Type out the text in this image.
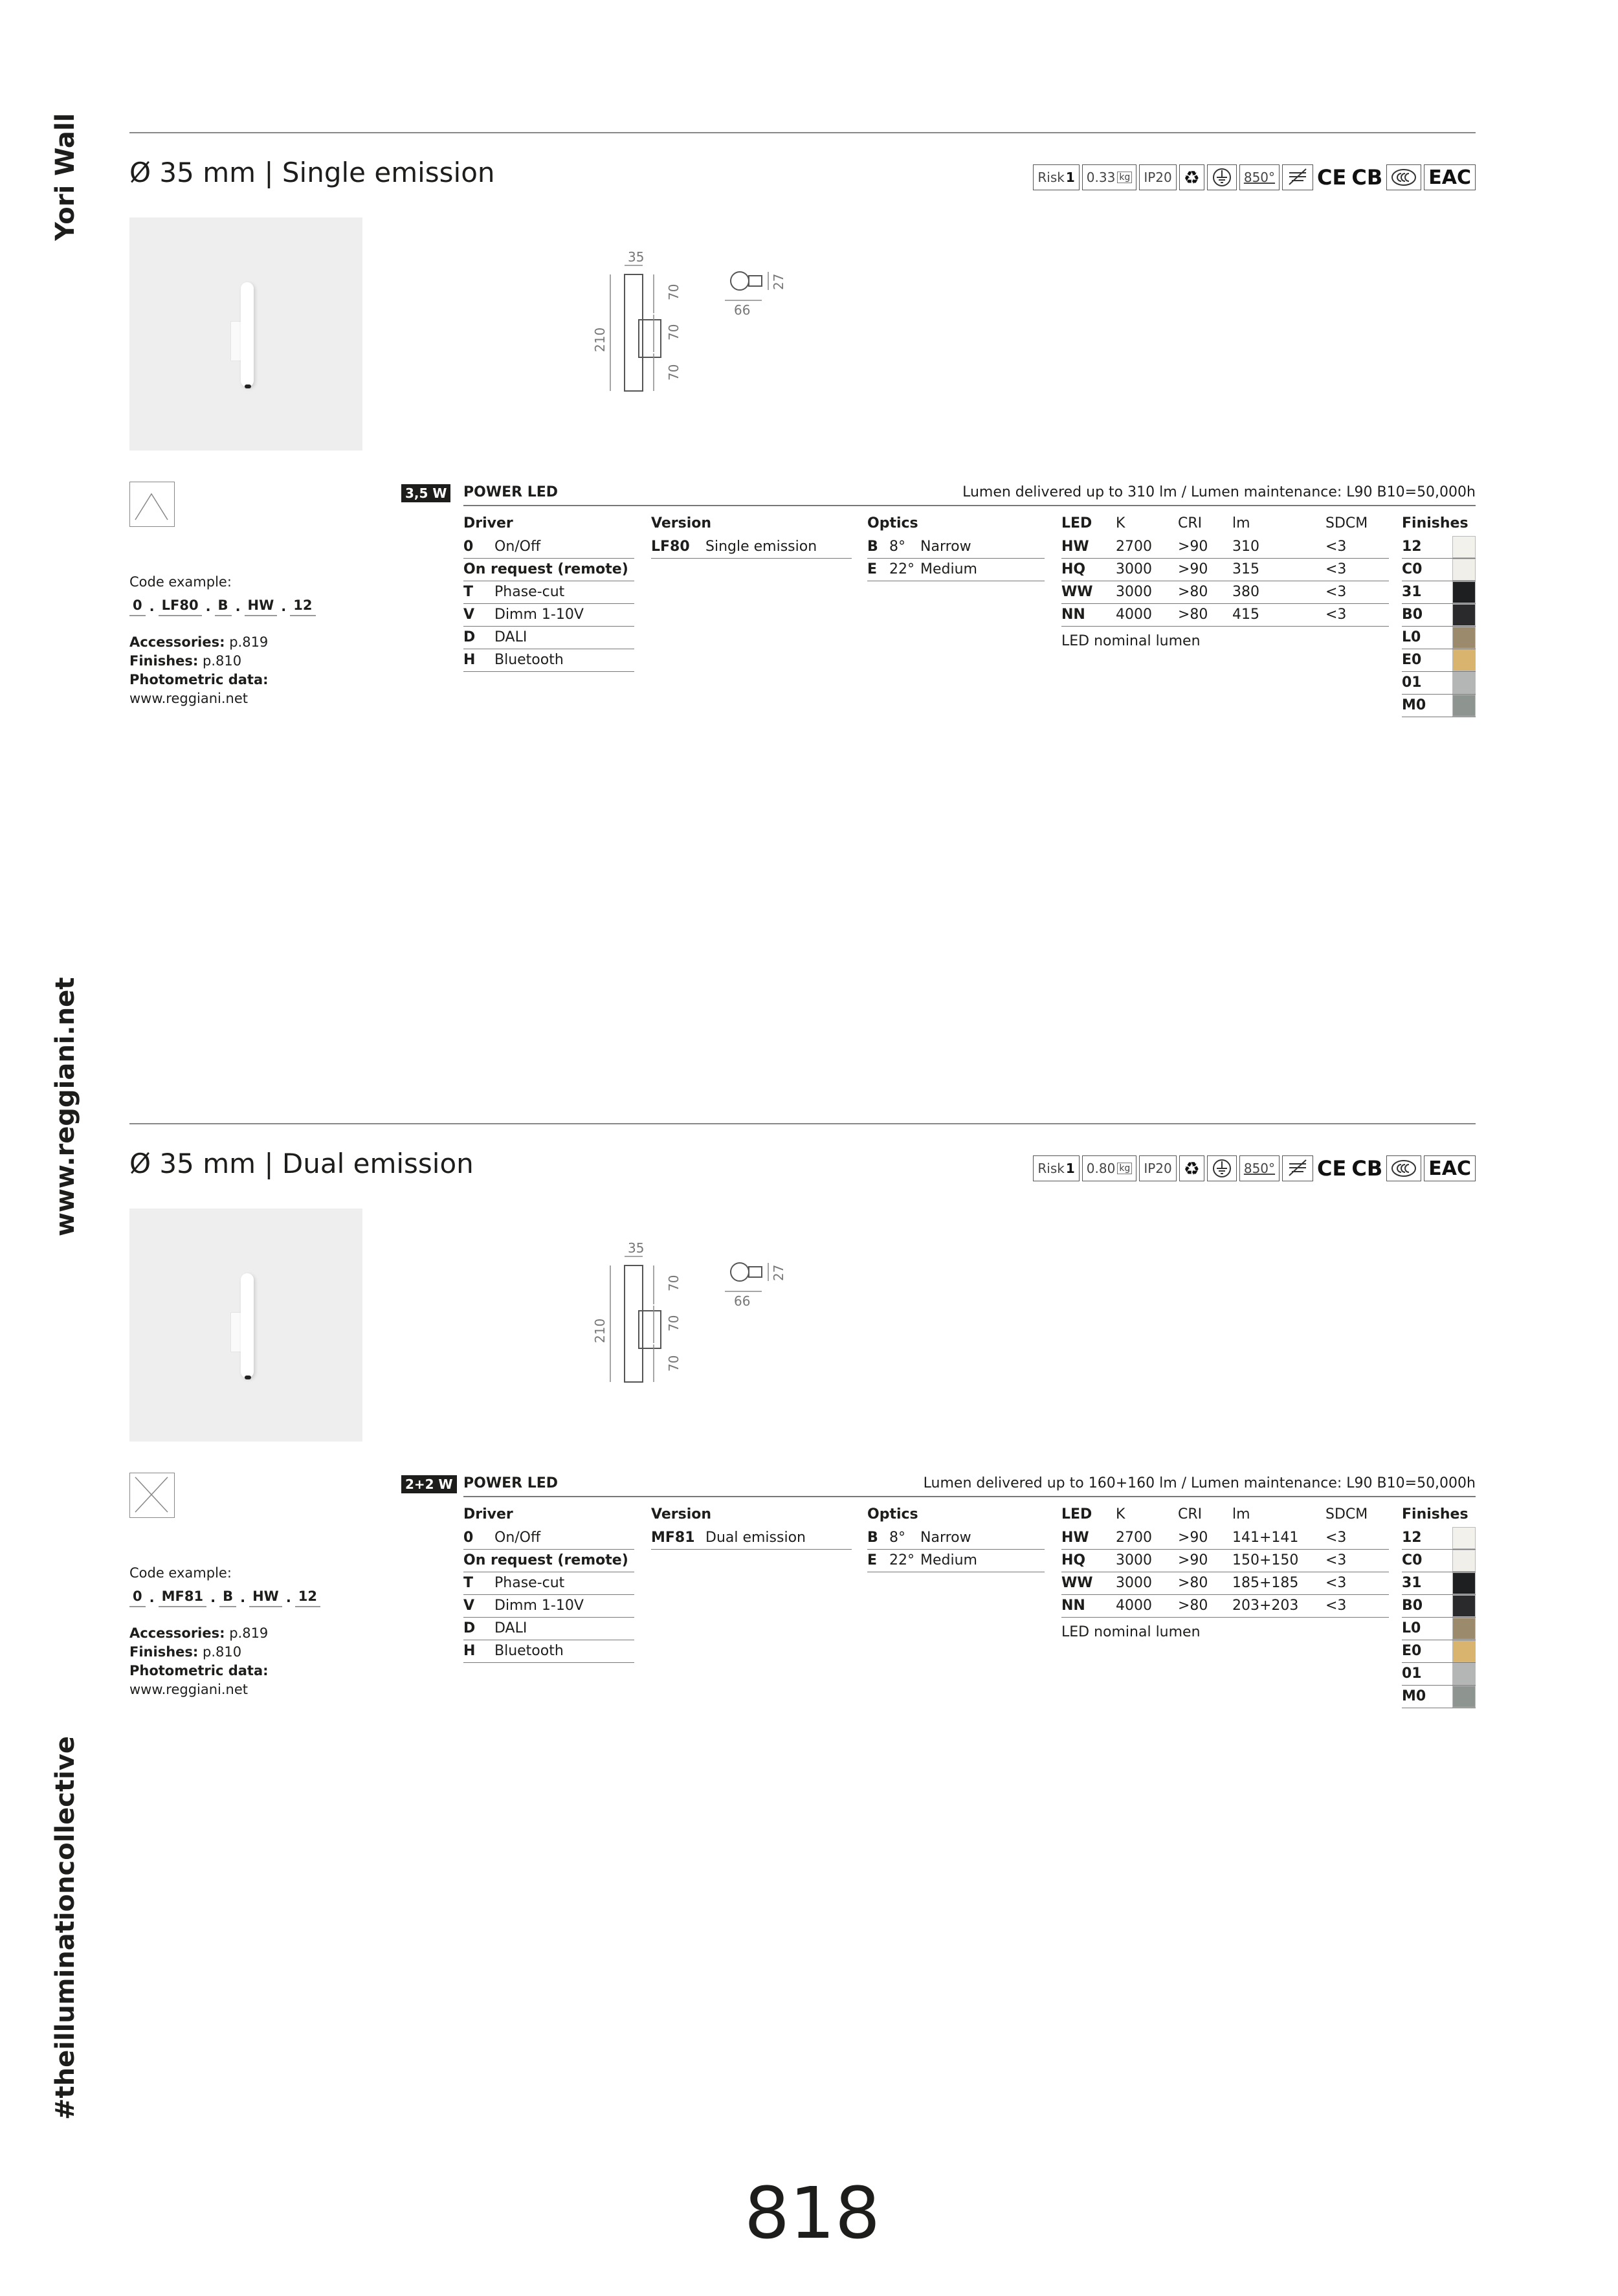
Yori Wall
www.reggiani.net
#theilluminationcollective
Ø 35 mm | Single emission	Risk 1 0.33 kg IP20 ♻	850° CE CB EAC
35
210
70
70
70
66
27
Code example:
0 . LF80 . B . HW . 12
Accessories: p.819
Finishes: p.810
Photometric data:
www.reggiani.net
3,5 W POWER LED	Lumen delivered up to 310 lm / Lumen maintenance: L90 B10=50,000h
Driver
0	On/Off
On request (remote)
T	Phase-cut
V	Dimm 1-10V
D	DALI
H	Bluetooth
Version
LF80	Single emission
Optics
B 8°	Narrow
E 22° Medium
LED	K	CRI	lm	SDCM
HW	2700	>90	310	<3
HQ	3000	>90	315	<3
WW	3000	>80	380	<3
NN	4000	>80	415	<3
LED nominal lumen
Finishes
12
C0
31
B0
L0
E0
01
M0
Ø 35 mm | Dual emission	Risk 1 0.80 kg IP20 ♻	850° CE CB EAC
35
210
70
70
70
66
27
Code example:
0 . MF81 . B . HW . 12
Accessories: p.819
Finishes: p.810
Photometric data:
www.reggiani.net
2+2 W POWER LED	Lumen delivered up to 160+160 lm / Lumen maintenance: L90 B10=50,000h
Driver
0	On/Off
On request (remote)
T	Phase-cut
V	Dimm 1-10V
D	DALI
H	Bluetooth
Version
MF81 Dual emission
Optics
B 8°	Narrow
E 22° Medium
LED	K	CRI	lm	SDCM
HW	2700	>90	141+141	<3
HQ	3000	>90	150+150	<3
WW	3000	>80	185+185	<3
NN	4000	>80	203+203	<3
LED nominal lumen
Finishes
12
C0
31
B0
L0
E0
01
M0
818
